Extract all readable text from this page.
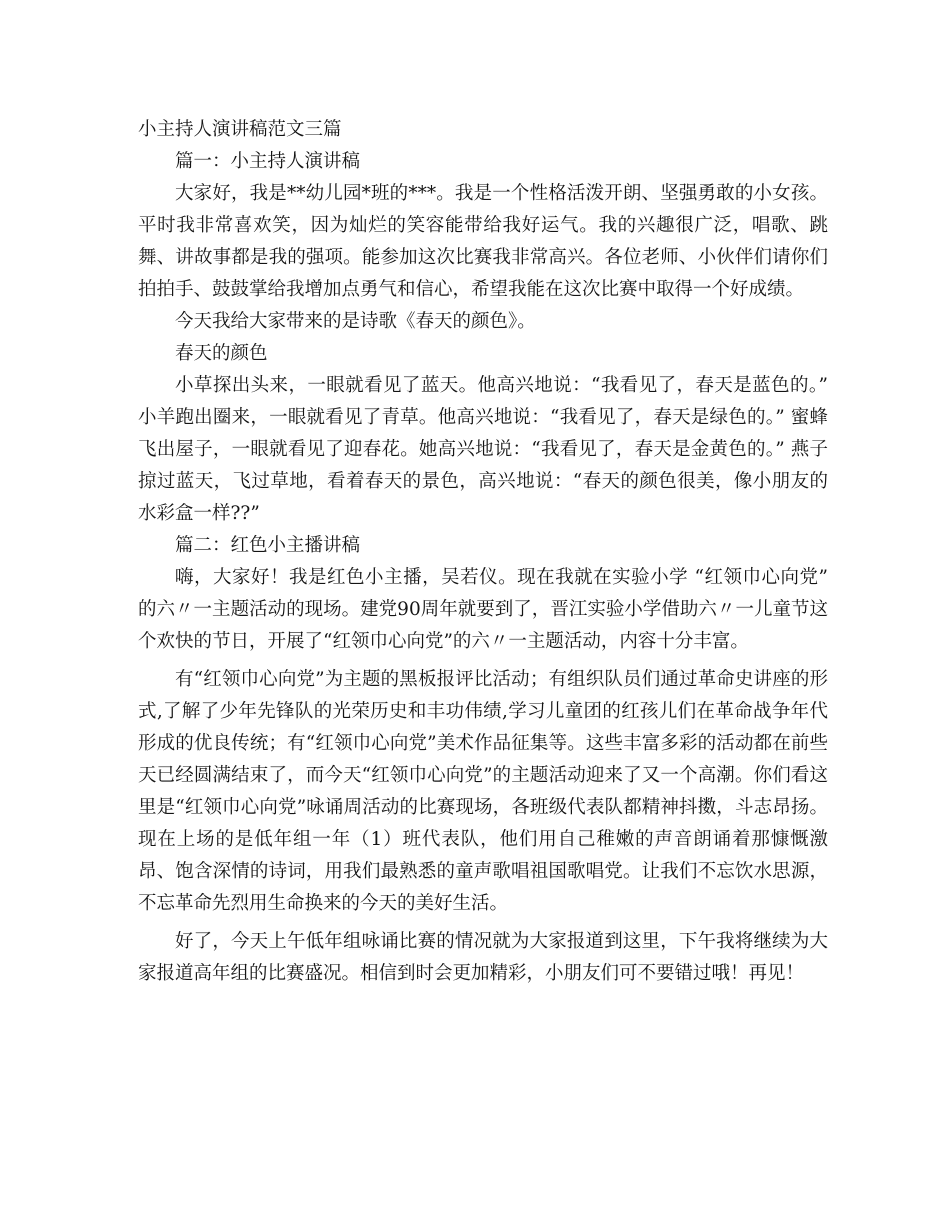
小主持人演讲稿范文三篇

篇一：小主持人演讲稿

大家好，我是**幼儿园*班的***。我是一个性格活泼开朗、坚强勇敢的小女孩。平时我非常喜欢笑，因为灿烂的笑容能带给我好运气。我的兴趣很广泛，唱歌、跳舞、讲故事都是我的强项。能参加这次比赛我非常高兴。各位老师、小伙伴们请你们拍拍手、鼓鼓掌给我增加点勇气和信心，希望我能在这次比赛中取得一个好成绩。

今天我给大家带来的是诗歌《春天的颜色》。

春天的颜色

小草探出头来，一眼就看见了蓝天。他高兴地说：“我看见了，春天是蓝色的。” 小羊跑出圈来，一眼就看见了青草。他高兴地说：“我看见了，春天是绿色的。” 蜜蜂飞出屋子，一眼就看见了迎春花。她高兴地说：“我看见了，春天是金黄色的。” 燕子掠过蓝天，飞过草地，看着春天的景色，高兴地说：“春天的颜色很美，像小朋友的水彩盒一样??”

篇二：红色小主播讲稿

嗨，大家好！我是红色小主播，吴若仪。现在我就在实验小学 “红领巾心向党” 的六〃一主题活动的现场。建党90周年就要到了，晋江实验小学借助六〃一儿童节这个欢快的节日，开展了“红领巾心向党”的六〃一主题活动，内容十分丰富。

有“红领巾心向党”为主题的黑板报评比活动；有组织队员们通过革命史讲座的形式,了解了少年先锋队的光荣历史和丰功伟绩,学习儿童团的红孩儿们在革命战争年代形成的优良传统；有“红领巾心向党”美术作品征集等。这些丰富多彩的活动都在前些天已经圆满结束了，而今天“红领巾心向党”的主题活动迎来了又一个高潮。你们看这里是“红领巾心向党”咏诵周活动的比赛现场，各班级代表队都精神抖擞，斗志昂扬。现在上场的是低年组一年（1）班代表队，他们用自己稚嫩的声音朗诵着那慷慨激昂、饱含深情的诗词，用我们最熟悉的童声歌唱祖国歌唱党。让我们不忘饮水思源，不忘革命先烈用生命换来的今天的美好生活。

好了，今天上午低年组咏诵比赛的情况就为大家报道到这里，下午我将继续为大家报道高年组的比赛盛况。相信到时会更加精彩，小朋友们可不要错过哦！再见！
